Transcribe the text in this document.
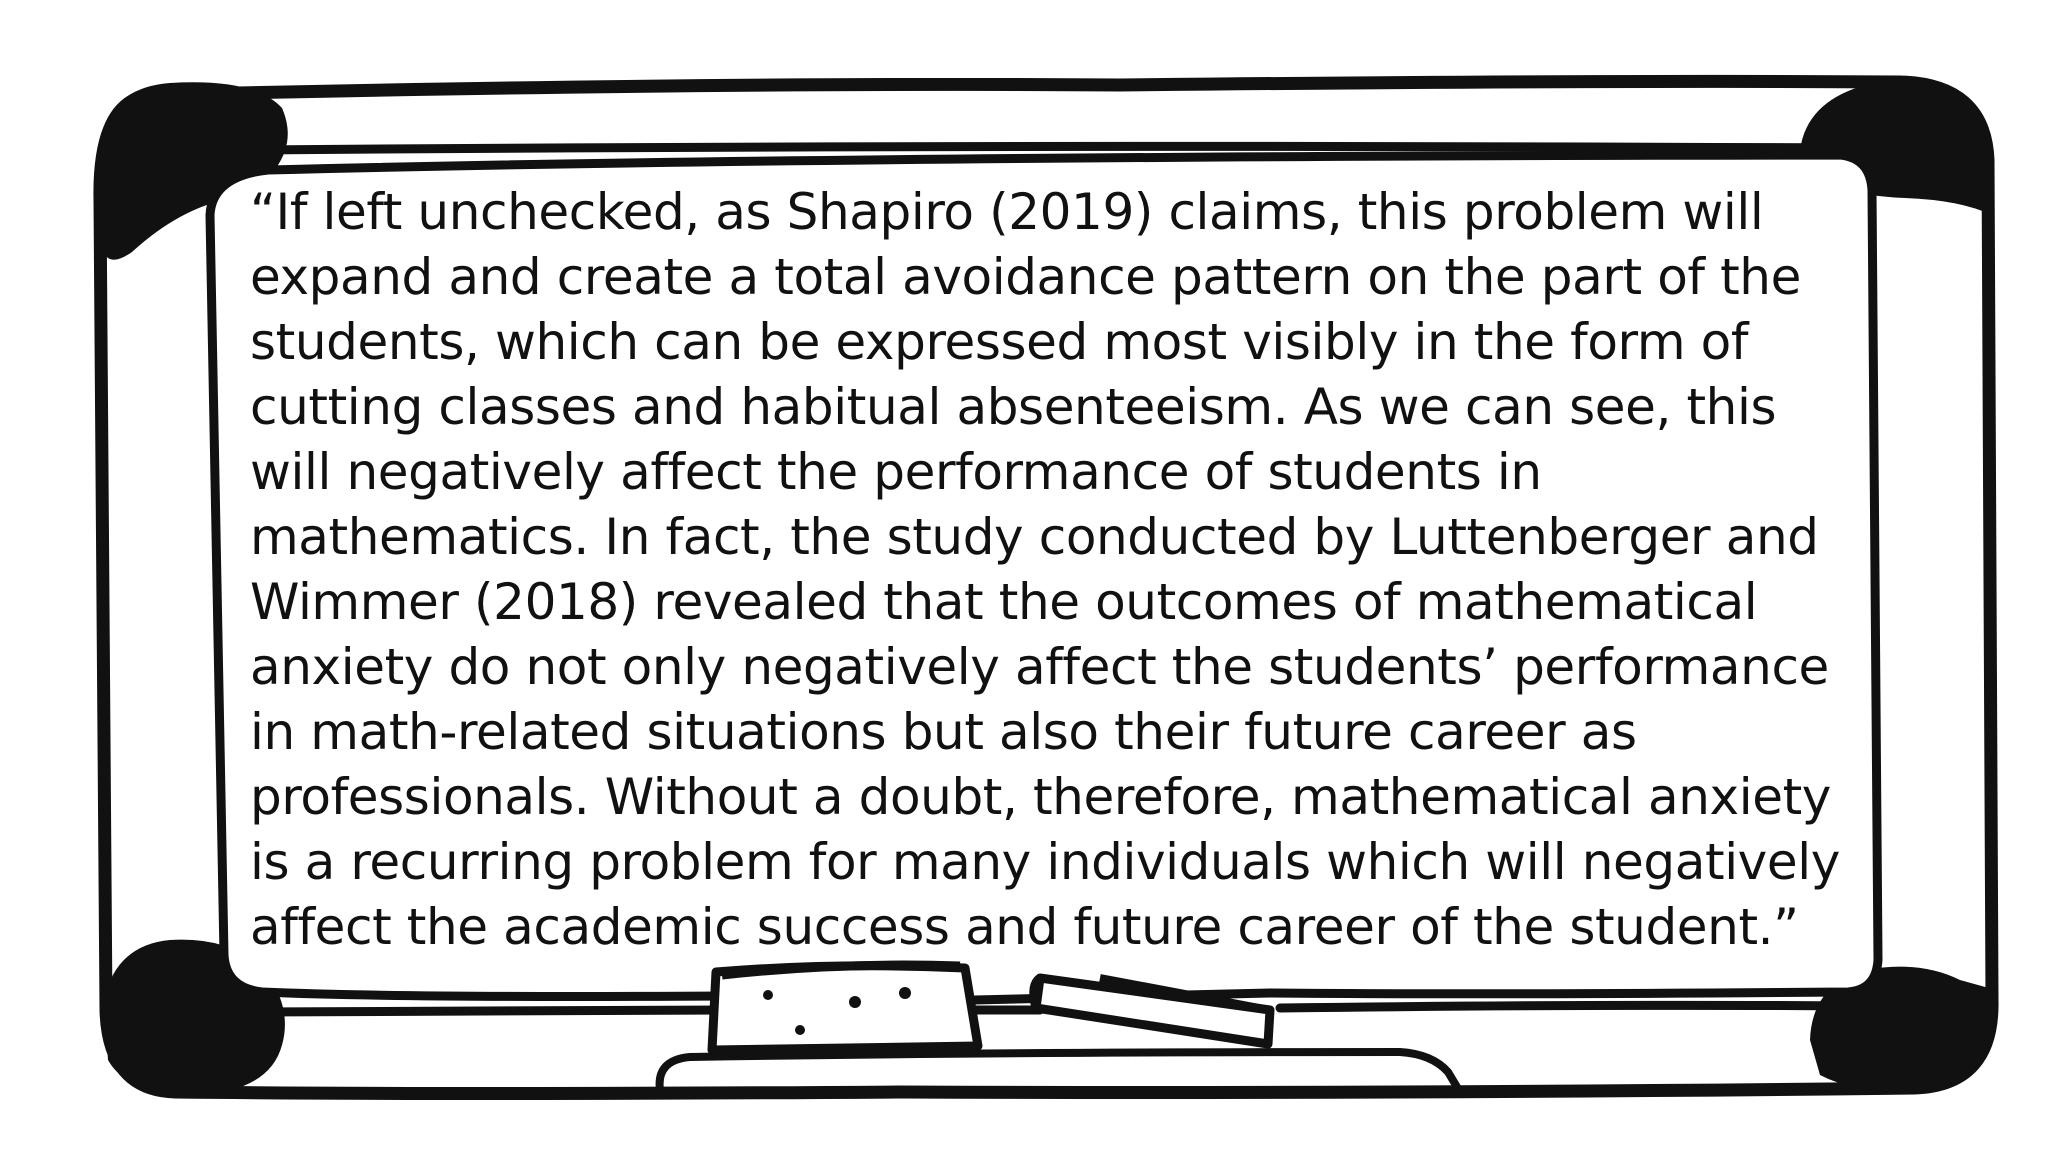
“If left unchecked, as Shapiro (2019) claims, this problem will
expand and create a total avoidance pattern on the part of the
students, which can be expressed most visibly in the form of
cutting classes and habitual absenteeism. As we can see, this
will negatively affect the performance of students in
mathematics. In fact, the study conducted by Luttenberger and
Wimmer (2018) revealed that the outcomes of mathematical
anxiety do not only negatively affect the students’ performance
in math-related situations but also their future career as
professionals. Without a doubt, therefore, mathematical anxiety
is a recurring problem for many individuals which will negatively
affect the academic success and future career of the student.”
